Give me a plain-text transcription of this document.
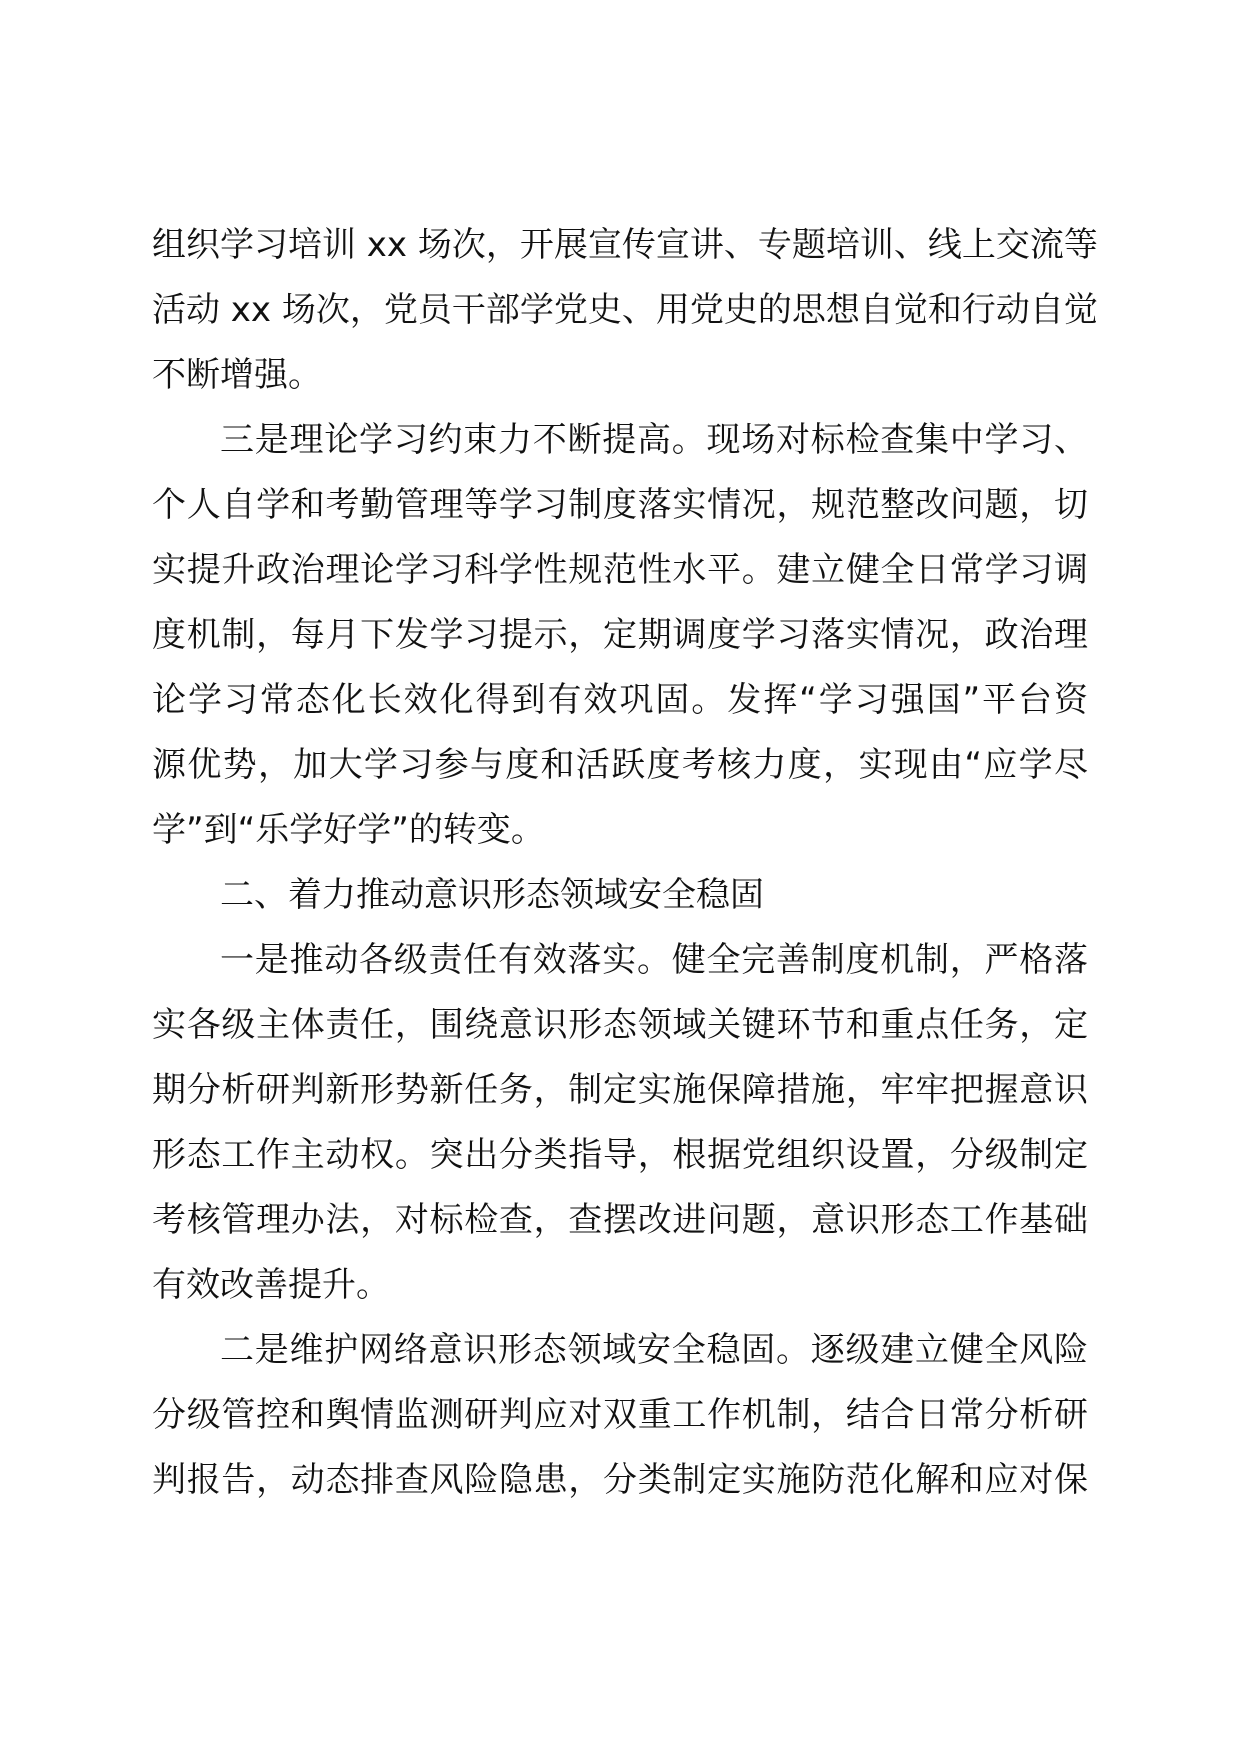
组织学习培训 xx 场次，开展宣传宣讲、专题培训、线上交流等
活动 xx 场次，党员干部学党史、用党史的思想自觉和行动自觉
不断增强。

三是理论学习约束力不断提高。现场对标检查集中学习、
个人自学和考勤管理等学习制度落实情况，规范整改问题，切
实提升政治理论学习科学性规范性水平。建立健全日常学习调
度机制，每月下发学习提示，定期调度学习落实情况，政治理
论学习常态化长效化得到有效巩固。发挥“学习强国”平台资
源优势，加大学习参与度和活跃度考核力度，实现由“应学尽
学”到“乐学好学”的转变。

二、着力推动意识形态领域安全稳固

一是推动各级责任有效落实。健全完善制度机制，严格落
实各级主体责任，围绕意识形态领域关键环节和重点任务，定
期分析研判新形势新任务，制定实施保障措施，牢牢把握意识
形态工作主动权。突出分类指导，根据党组织设置，分级制定
考核管理办法，对标检查，查摆改进问题，意识形态工作基础
有效改善提升。

二是维护网络意识形态领域安全稳固。逐级建立健全风险
分级管控和舆情监测研判应对双重工作机制，结合日常分析研
判报告，动态排查风险隐患，分类制定实施防范化解和应对保
